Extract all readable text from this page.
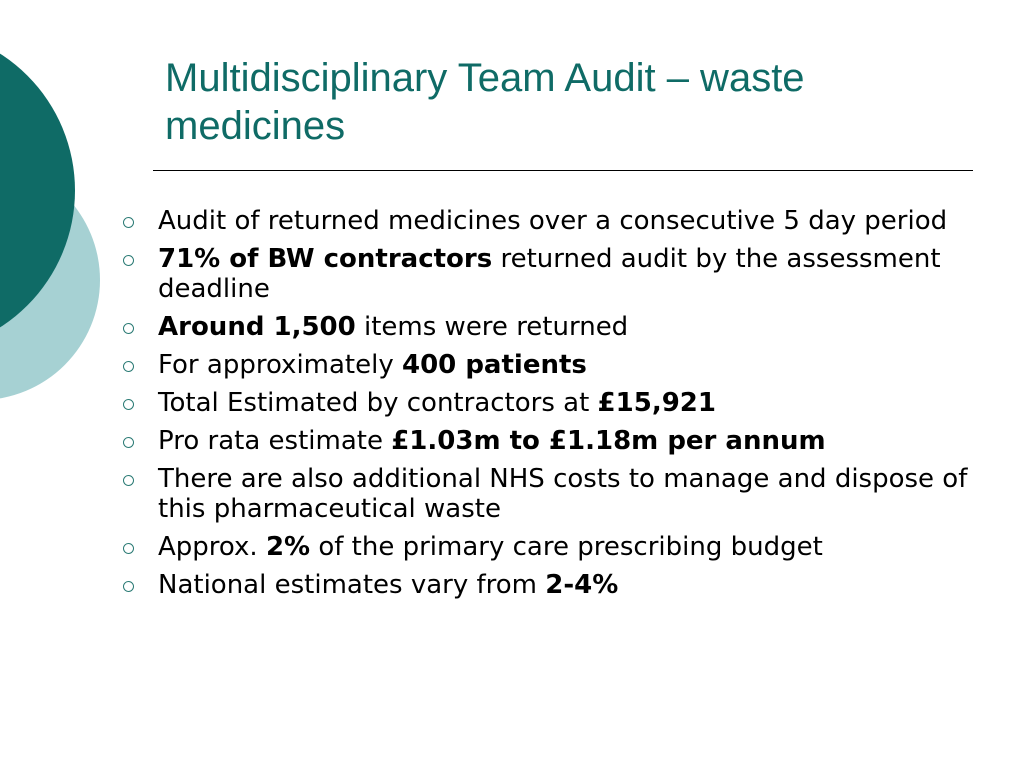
Multidisciplinary Team Audit – waste medicines
Audit of returned medicines over a consecutive 5 day period
71% of BW contractors returned audit by the assessment deadline
Around 1,500 items were returned
For approximately 400 patients
Total Estimated by contractors at £15,921
Pro rata estimate £1.03m to £1.18m per annum
There are also additional NHS costs to manage and dispose of this pharmaceutical waste
Approx. 2% of the primary care prescribing budget
National estimates vary from 2-4%
